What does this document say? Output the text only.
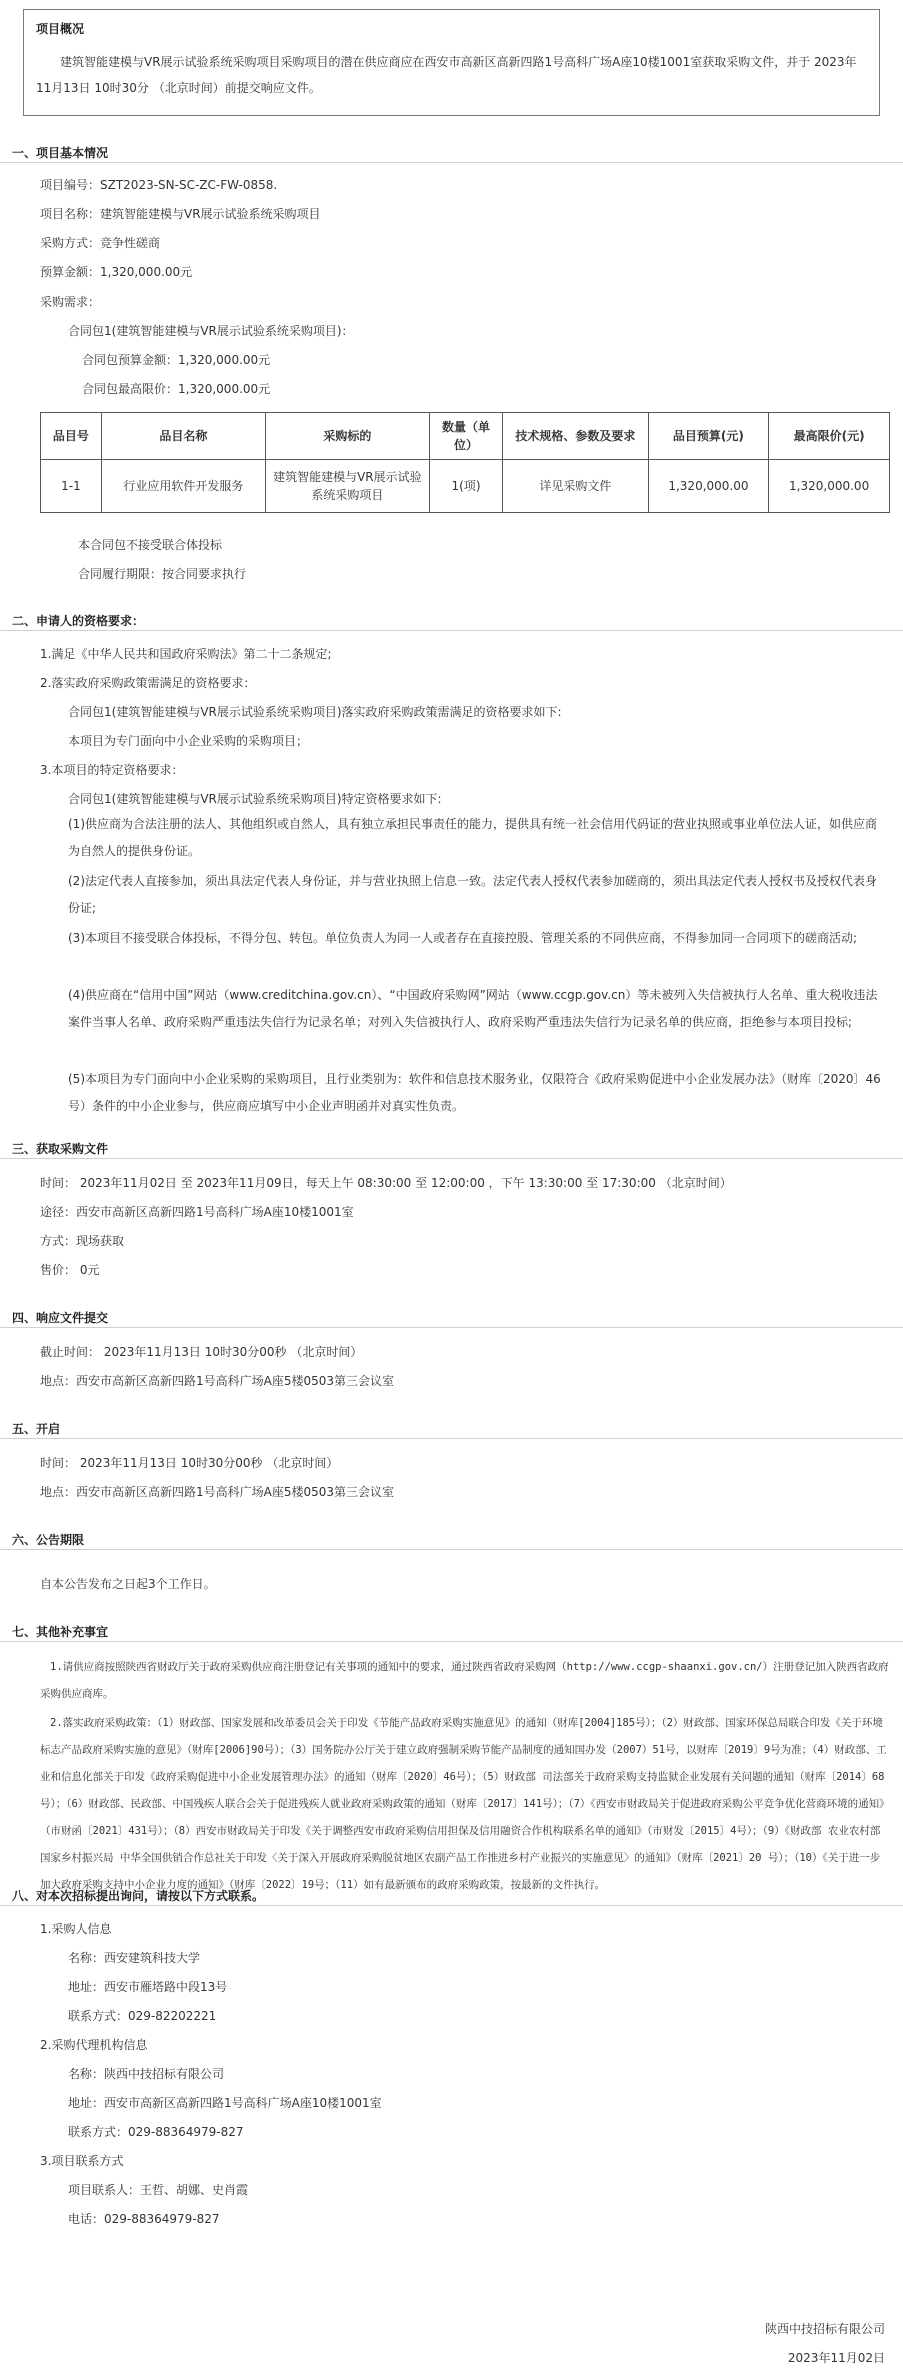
项目概况
建筑智能建模与VR展示试验系统采购项目采购项目的潜在供应商应在西安市高新区高新四路1号高科广场A座10楼1001室获取采购文件，并于 2023年11月13日 10时30分 （北京时间）前提交响应文件。
一、项目基本情况
项目编号：SZT2023-SN-SC-ZC-FW-0858.
项目名称：建筑智能建模与VR展示试验系统采购项目
采购方式：竞争性磋商
预算金额：1,320,000.00元
采购需求：
合同包1(建筑智能建模与VR展示试验系统采购项目)：
合同包预算金额：1,320,000.00元
合同包最高限价：1,320,000.00元
品目号	品目名称	采购标的	数量（单位）	技术规格、参数及要求	品目预算(元)	最高限价(元)
1-1	行业应用软件开发服务	建筑智能建模与VR展示试验系统采购项目	1(项)	详见采购文件	1,320,000.00	1,320,000.00
本合同包不接受联合体投标
合同履行期限：按合同要求执行
二、申请人的资格要求：
1.满足《中华人民共和国政府采购法》第二十二条规定;
2.落实政府采购政策需满足的资格要求：
合同包1(建筑智能建模与VR展示试验系统采购项目)落实政府采购政策需满足的资格要求如下:
本项目为专门面向中小企业采购的采购项目；
3.本项目的特定资格要求：
合同包1(建筑智能建模与VR展示试验系统采购项目)特定资格要求如下:
(1)供应商为合法注册的法人、其他组织或自然人，具有独立承担民事责任的能力，提供具有统一社会信用代码证的营业执照或事业单位法人证，如供应商为自然人的提供身份证。
(2)法定代表人直接参加，须出具法定代表人身份证，并与营业执照上信息一致。法定代表人授权代表参加磋商的，须出具法定代表人授权书及授权代表身份证;
(3)本项目不接受联合体投标，不得分包、转包。单位负责人为同一人或者存在直接控股、管理关系的不同供应商，不得参加同一合同项下的磋商活动;
(4)供应商在“信用中国”网站（www.creditchina.gov.cn）、“中国政府采购网”网站（www.ccgp.gov.cn）等未被列入失信被执行人名单、重大税收违法案件当事人名单、政府采购严重违法失信行为记录名单；对列入失信被执行人、政府采购严重违法失信行为记录名单的供应商，拒绝参与本项目投标;
(5)本项目为专门面向中小企业采购的采购项目，且行业类别为：软件和信息技术服务业，仅限符合《政府采购促进中小企业发展办法》（财库〔2020〕46号）条件的中小企业参与，供应商应填写中小企业声明函并对真实性负责。
三、获取采购文件
时间： 2023年11月02日 至 2023年11月09日，每天上午 08:30:00 至 12:00:00 ，下午 13:30:00 至 17:30:00 （北京时间）
途径：西安市高新区高新四路1号高科广场A座10楼1001室
方式：现场获取
售价： 0元
四、响应文件提交
截止时间： 2023年11月13日 10时30分00秒 （北京时间）
地点：西安市高新区高新四路1号高科广场A座5楼0503第三会议室
五、开启
时间： 2023年11月13日 10时30分00秒 （北京时间）
地点：西安市高新区高新四路1号高科广场A座5楼0503第三会议室
六、公告期限
自本公告发布之日起3个工作日。
七、其他补充事宜
1.请供应商按照陕西省财政厅关于政府采购供应商注册登记有关事项的通知中的要求，通过陕西省政府采购网（http://www.ccgp-shaanxi.gov.cn/）注册登记加入陕西省政府采购供应商库。
2.落实政府采购政策：（1）财政部、国家发展和改革委员会关于印发《节能产品政府采购实施意见》的通知（财库[2004]185号）；（2）财政部、国家环保总局联合印发《关于环境标志产品政府采购实施的意见》（财库[2006]90号）；（3）国务院办公厅关于建立政府强制采购节能产品制度的通知国办发（2007）51号，以财库〔2019〕9号为准；（4）财政部、工业和信息化部关于印发《政府采购促进中小企业发展管理办法》的通知（财库〔2020〕46号）；（5）财政部 司法部关于政府采购支持监狱企业发展有关问题的通知（财库〔2014〕68号）；（6）财政部、民政部、中国残疾人联合会关于促进残疾人就业政府采购政策的通知（财库〔2017〕141号）；（7）《西安市财政局关于促进政府采购公平竞争优化营商环境的通知》（市财函〔2021〕431号）；（8）西安市财政局关于印发《关于调整西安市政府采购信用担保及信用融资合作机构联系名单的通知》（市财发〔2015〕4号）；（9）《财政部 农业农村部 国家乡村振兴局 中华全国供销合作总社关于印发〈关于深入开展政府采购脱贫地区农副产品工作推进乡村产业振兴的实施意见〉的通知》（财库〔2021〕20 号）；（10）《关于进一步加大政府采购支持中小企业力度的通知》（财库〔2022〕19号；（11）如有最新颁布的政府采购政策，按最新的文件执行。
八、对本次招标提出询问，请按以下方式联系。
1.采购人信息
名称：西安建筑科技大学
地址：西安市雁塔路中段13号
联系方式：029-82202221
2.采购代理机构信息
名称：陕西中技招标有限公司
地址：西安市高新区高新四路1号高科广场A座10楼1001室
联系方式：029-88364979-827
3.项目联系方式
项目联系人：王哲、胡娜、史肖霞
电话：029-88364979-827
陕西中技招标有限公司
2023年11月02日
